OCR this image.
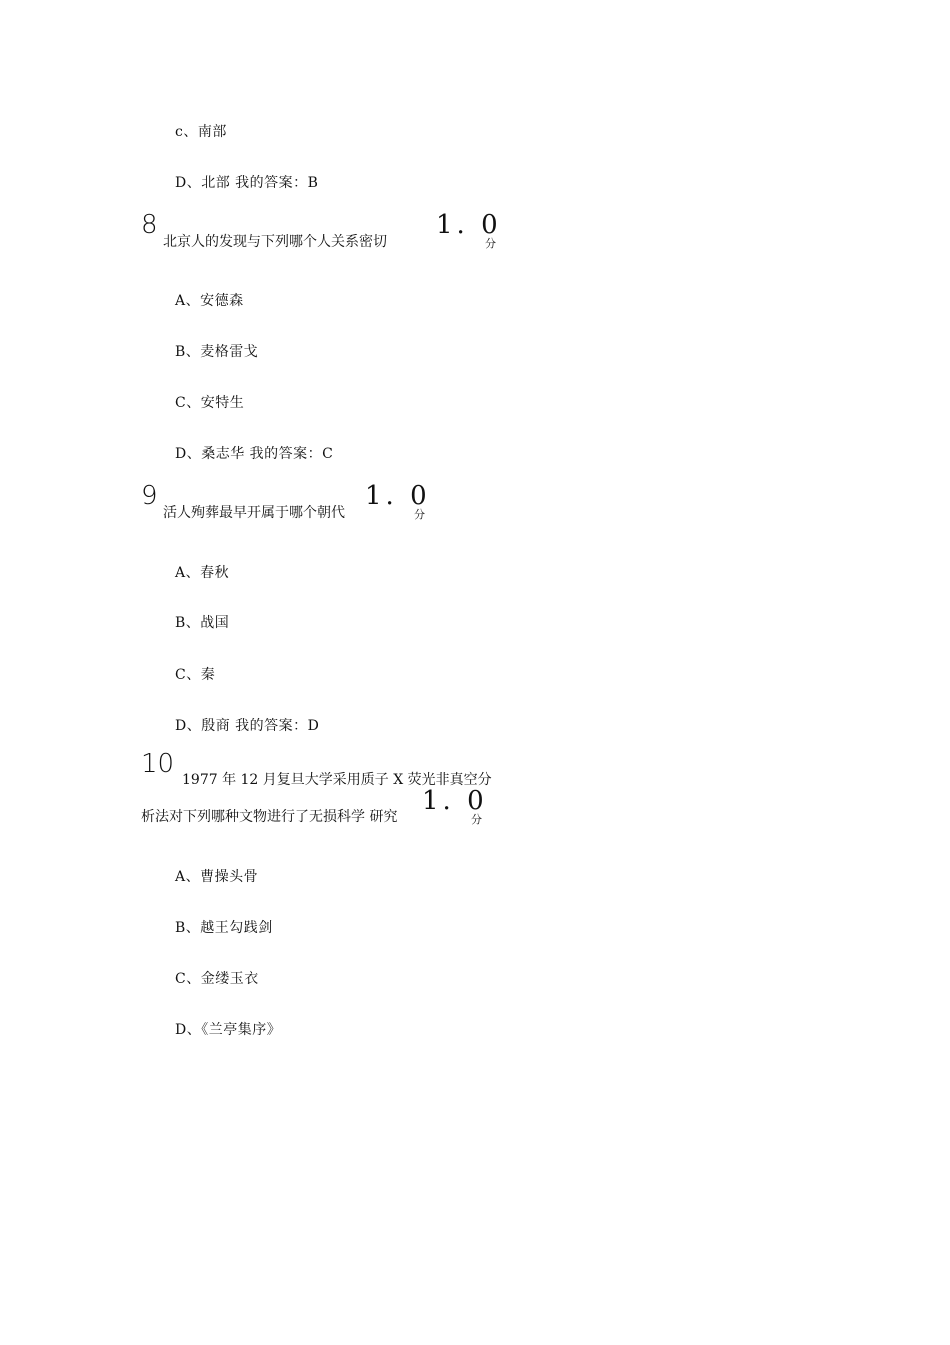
c、南部
D、北部 我的答案：B
8
北京人的发现与下列哪个人关系密切
1. 0
分
A、安德森
B、麦格雷戈
C、安特生
D、桑志华 我的答案：C
9
活人殉葬最早开属于哪个朝代
1. 0
分
A、春秋
B、战国
C、秦
D、殷商 我的答案：D
10
1977 年 12 月复旦大学采用质子 X 荧光非真空分
析法对下列哪种文物进行了无损科学 研究
1. 0
分
A、曹操头骨
B、越王勾践剑
C、金缕玉衣
D、《兰亭集序》
